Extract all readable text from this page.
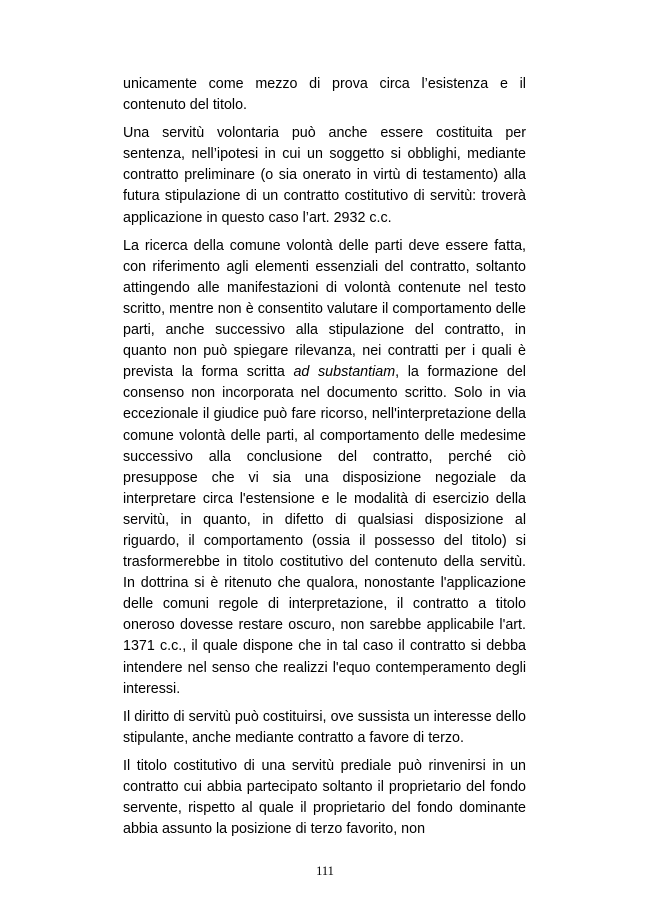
unicamente come mezzo di prova circa l’esistenza e il contenuto del titolo.

Una servitù volontaria può anche essere costituita per sentenza, nell’ipotesi in cui un soggetto si obblighi, mediante contratto preliminare (o sia onerato in virtù di testamento) alla futura stipulazione di un contratto costitutivo di servitù: troverà applicazione in questo caso l’art. 2932 c.c.

La ricerca della comune volontà delle parti deve essere fatta, con riferimento agli elementi essenziali del contratto, soltanto attingendo alle manifestazioni di volontà contenute nel testo scritto, mentre non è consentito valutare il comportamento delle parti, anche successivo alla stipulazione del contratto, in quanto non può spiegare rilevanza, nei contratti per i quali è prevista la forma scritta ad substantiam, la formazione del consenso non incorporata nel documento scritto. Solo in via eccezionale il giudice può fare ricorso, nell'interpretazione della comune volontà delle parti, al comportamento delle medesime successivo alla conclusione del contratto, perché ciò presuppose che vi sia una disposizione negoziale da interpretare circa l'estensione e le modalità di esercizio della servitù, in quanto, in difetto di qualsiasi disposizione al riguardo, il comportamento (ossia il possesso del titolo) si trasformerebbe in titolo costitutivo del contenuto della servitù. In dottrina si è ritenuto che qualora, nonostante l'applicazione delle comuni regole di interpretazione, il contratto a titolo oneroso dovesse restare oscuro, non sarebbe applicabile l'art. 1371 c.c., il quale dispone che in tal caso il contratto si debba intendere nel senso che realizzi l'equo contemperamento degli interessi.

Il diritto di servitù può costituirsi, ove sussista un interesse dello stipulante, anche mediante contratto a favore di terzo.

Il titolo costitutivo di una servitù prediale può rinvenirsi in un contratto cui abbia partecipato soltanto il proprietario del fondo servente, rispetto al quale il proprietario del fondo dominante abbia assunto la posizione di terzo favorito, non

111
